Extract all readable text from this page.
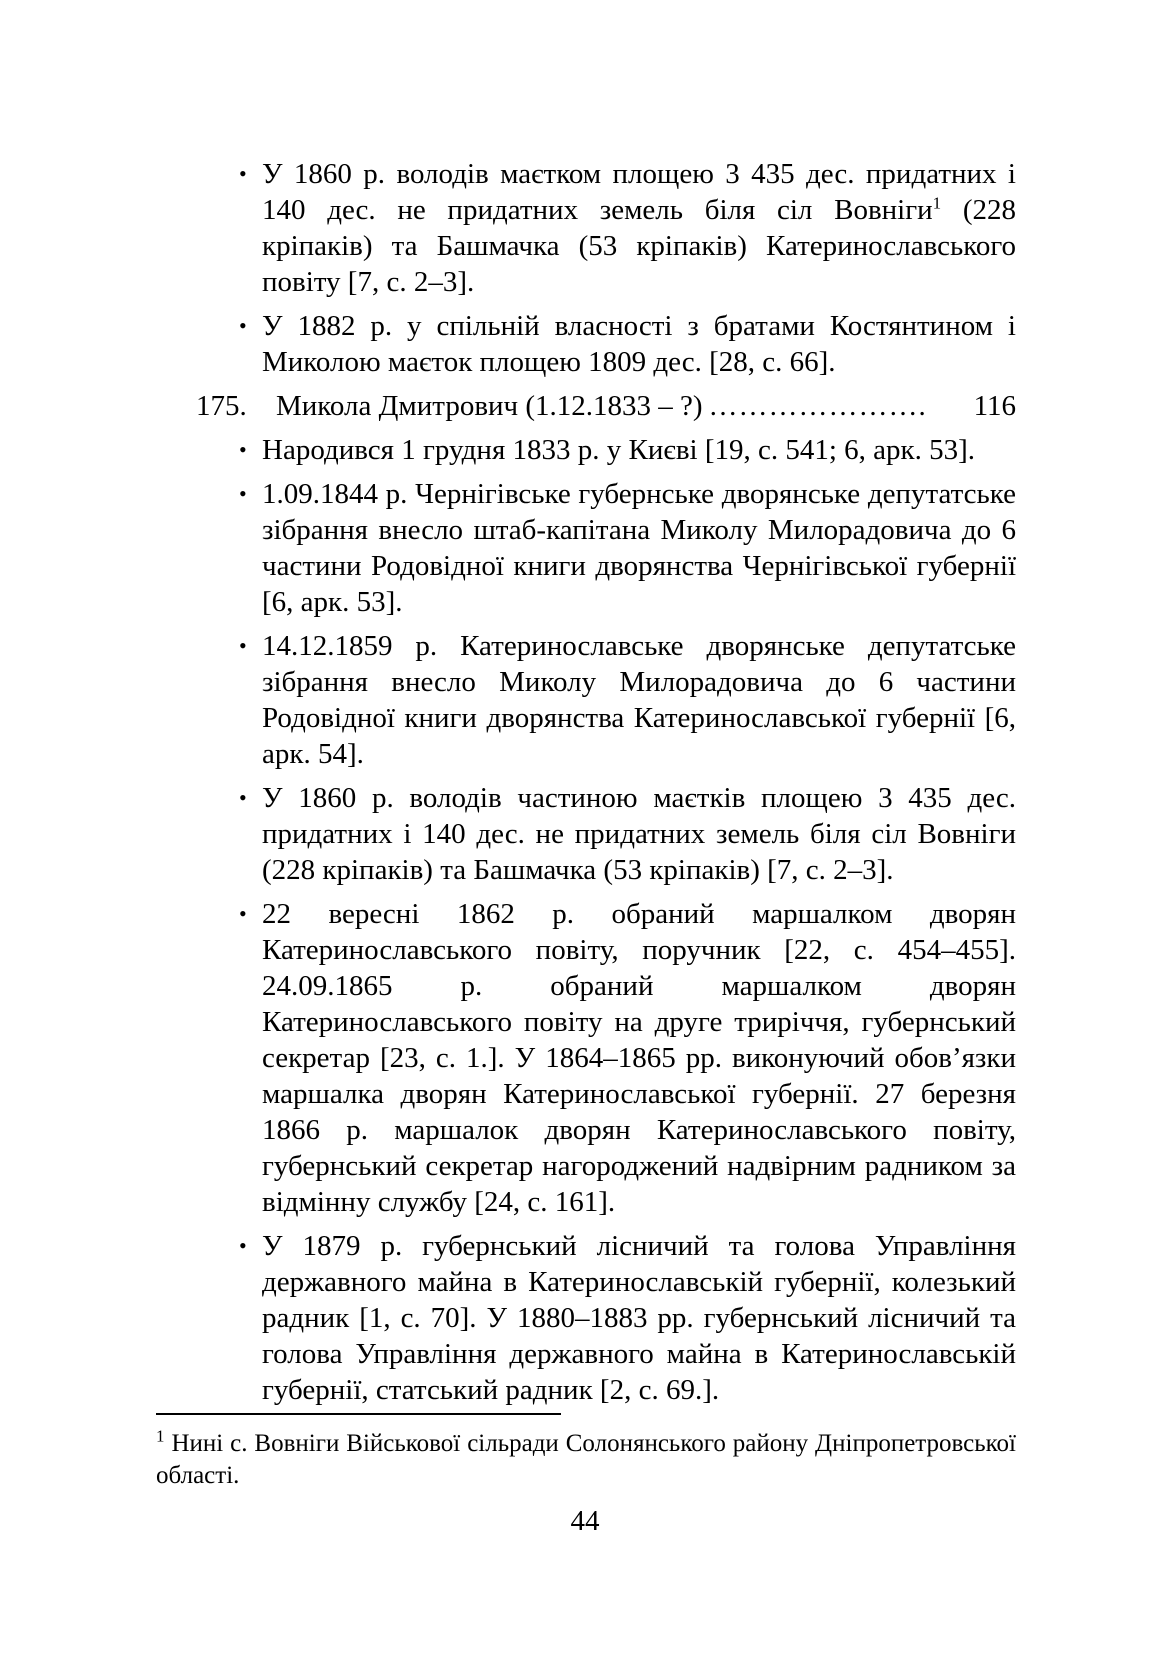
• У 1860 р. володів маєтком площею 3 435 дес. придатних і 140 дес. не придатних земель біля сіл Вовніги$^1$ (228 кріпаків) та Башмачка (53 кріпаків) Катеринославського повіту [7, с. 2–3].
• У 1882 р. у спільній власності з братами Костянтином і Миколою маєток площею 1809 дес. [28, с. 66].
175.	Микола Дмитрович (1.12.1833 – ?) ………………….	116
• Народився 1 грудня 1833 р. у Києві [19, с. 541; 6, арк. 53].
• 1.09.1844 р. Чернігівське губернське дворянське депутатське зібрання внесло штаб-капітана Миколу Милорадовича до 6 частини Родовідної книги дворянства Чернігівської губернії [6, арк. 53].
• 14.12.1859 р. Катеринославське дворянське депутатське зібрання внесло Миколу Милорадовича до 6 частини Родовідної книги дворянства Катеринославської губернії [6, арк. 54].
• У 1860 р. володів частиною маєтків площею 3 435 дес. придатних і 140 дес. не придатних земель біля сіл Вовніги (228 кріпаків) та Башмачка (53 кріпаків) [7, с. 2–3].
• 22 вересні 1862 р. обраний маршалком дворян Катеринославського повіту, поручник [22, с. 454–455]. 24.09.1865 р. обраний маршалком дворян Катеринославського повіту на друге триріччя, губернський секретар [23, с. 1.]. У 1864–1865 рр. виконуючий обов’язки маршалка дворян Катеринославської губернії. 27 березня 1866 р. маршалок дворян Катеринославського повіту, губернський секретар нагороджений надвірним радником за відмінну службу [24, с. 161].
• У 1879 р. губернський лісничий та голова Управління державного майна в Катеринославській губернії, колезький радник [1, с. 70]. У 1880–1883 рр. губернський лісничий та голова Управління державного майна в Катеринославській губернії, статський радник [2, с. 69.].
$^1$ Нині с. Вовніги Військової сільради Солонянського району Дніпропетровської області.
44
